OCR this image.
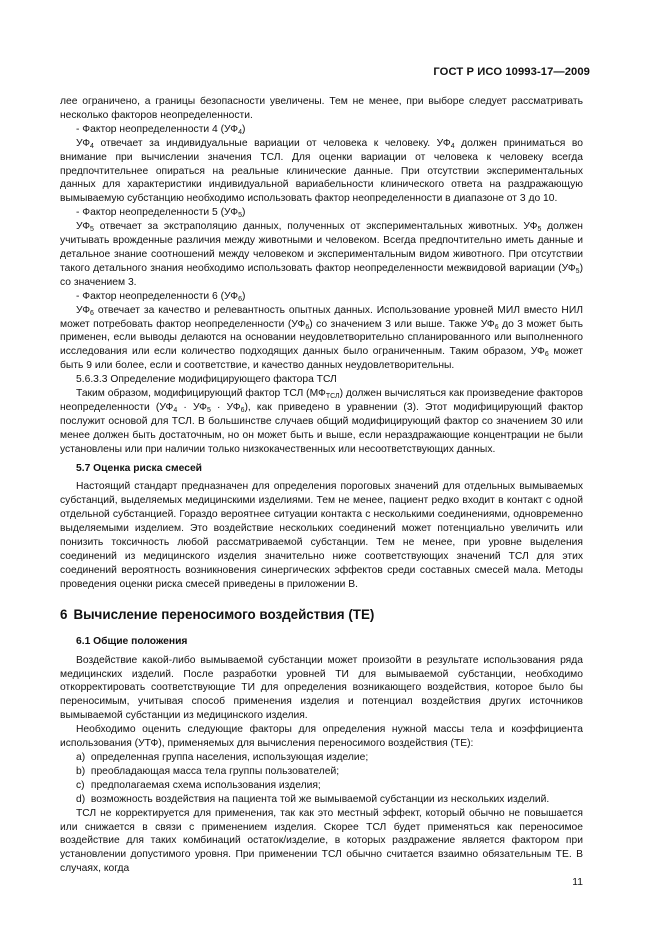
ГОСТ Р ИСО 10993-17—2009

лее ограничено, а границы безопасности увеличены. Тем не менее, при выборе следует рассматривать несколько факторов неопределенности.

- Фактор неопределенности 4 $(УФ_4)$

$УФ_4$ отвечает за индивидуальные вариации от человека к человеку. $УФ_4$ должен приниматься во внимание при вычислении значения ТСЛ. Для оценки вариации от человека к человеку всегда предпочтительнее опираться на реальные клинические данные. При отсутствии экспериментальных данных для характеристики индивидуальной вариабельности клинического ответа на раздражающую вымываемую субстанцию необходимо использовать фактор неопределенности в диапазоне от 3 до 10.

- Фактор неопределенности 5 $(УФ_5)$

$УФ_5$ отвечает за экстраполяцию данных, полученных от экспериментальных животных. $УФ_5$ должен учитывать врожденные различия между животными и человеком. Всегда предпочтительно иметь данные и детальное знание соотношений между человеком и экспериментальным видом животного. При отсутствии такого детального знания необходимо использовать фактор неопределенности межвидовой вариации $(УФ_5)$ со значением 3.

- Фактор неопределенности 6 $(УФ_6)$

$УФ_6$ отвечает за качество и релевантность опытных данных. Использование уровней МИЛ вместо НИЛ может потребовать фактор неопределенности $(УФ_6)$ со значением 3 или выше. Также $УФ_6$ до 3 может быть применен, если выводы делаются на основании неудовлетворительно спланированного или выполненного исследования или если количество подходящих данных было ограниченным. Таким образом, $УФ_6$ может быть 9 или более, если и соответствие, и качество данных неудовлетворительны.

5.6.3.3 Определение модифицирующего фактора ТСЛ

Таким образом, модифицирующий фактор ТСЛ $(МФ_{ТСЛ})$ должен вычисляться как произведение факторов неопределенности $(УФ_4 \cdot УФ_5 \cdot УФ_6)$, как приведено в уравнении (3). Этот модифицирующий фактор послужит основой для ТСЛ. В большинстве случаев общий модифицирующий фактор со значением 30 или менее должен быть достаточным, но он может быть и выше, если нераздражающие концентрации не были установлены или при наличии только низкокачественных или несоответствующих данных.

5.7 Оценка риска смесей

Настоящий стандарт предназначен для определения пороговых значений для отдельных вымываемых субстанций, выделяемых медицинскими изделиями. Тем не менее, пациент редко входит в контакт с одной отдельной субстанцией. Гораздо вероятнее ситуации контакта с несколькими соединениями, одновременно выделяемыми изделием. Это воздействие нескольких соединений может потенциально увеличить или понизить токсичность любой рассматриваемой субстанции. Тем не менее, при уровне выделения соединений из медицинского изделия значительно ниже соответствующих значений ТСЛ для этих соединений вероятность возникновения синергических эффектов среди составных смесей мала. Методы проведения оценки риска смесей приведены в приложении В.

6 Вычисление переносимого воздействия (ТЕ)

6.1 Общие положения

Воздействие какой-либо вымываемой субстанции может произойти в результате использования ряда медицинских изделий. После разработки уровней ТИ для вымываемой субстанции, необходимо откорректировать соответствующие ТИ для определения возникающего воздействия, которое было бы переносимым, учитывая способ применения изделия и потенциал воздействия других источников вымываемой субстанции из медицинского изделия.

Необходимо оценить следующие факторы для определения нужной массы тела и коэффициента использования (УТФ), применяемых для вычисления переносимого воздействия (ТЕ):

a) определенная группа населения, использующая изделие;

b) преобладающая масса тела группы пользователей;

c) предполагаемая схема использования изделия;

d) возможность воздействия на пациента той же вымываемой субстанции из нескольких изделий.

ТСЛ не корректируется для применения, так как это местный эффект, который обычно не повышается или снижается в связи с применением изделия. Скорее ТСЛ будет применяться как переносимое воздействие для таких комбинаций остаток/изделие, в которых раздражение является фактором при установлении допустимого уровня. При применении ТСЛ обычно считается взаимно обязательным ТЕ. В случаях, когда

11
